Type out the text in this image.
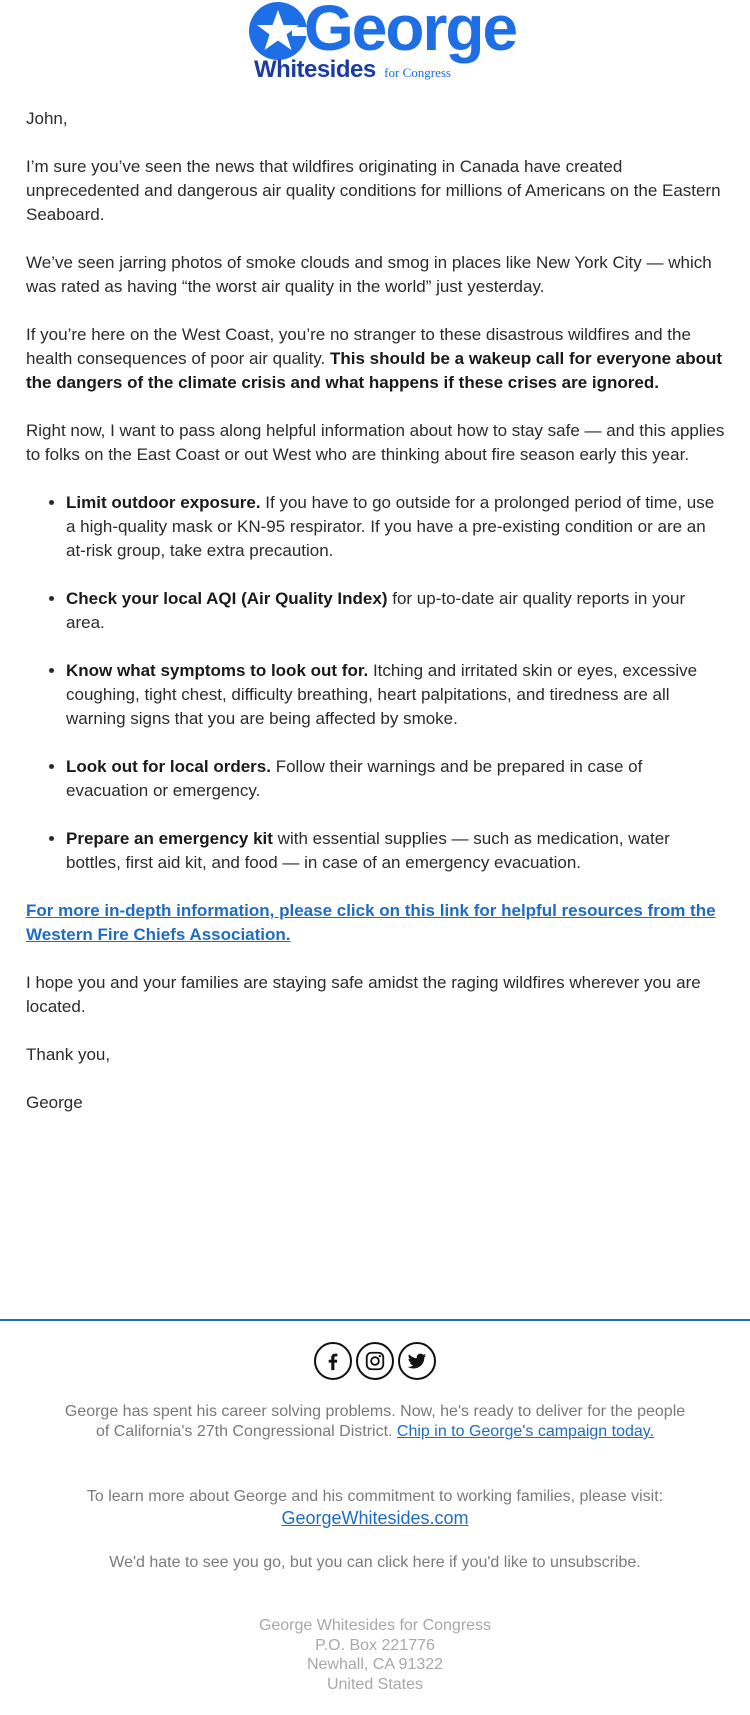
George
Whitesides for Congress

John,

I’m sure you’ve seen the news that wildfires originating in Canada have created unprecedented and dangerous air quality conditions for millions of Americans on the Eastern Seaboard.

We’ve seen jarring photos of smoke clouds and smog in places like New York City — which was rated as having “the worst air quality in the world” just yesterday.

If you’re here on the West Coast, you’re no stranger to these disastrous wildfires and the health consequences of poor air quality. This should be a wakeup call for everyone about the dangers of the climate crisis and what happens if these crises are ignored.

Right now, I want to pass along helpful information about how to stay safe — and this applies to folks on the East Coast or out West who are thinking about fire season early this year.

• Limit outdoor exposure. If you have to go outside for a prolonged period of time, use a high-quality mask or KN-95 respirator. If you have a pre-existing condition or are an at-risk group, take extra precaution.
• Check your local AQI (Air Quality Index) for up-to-date air quality reports in your area.
• Know what symptoms to look out for. Itching and irritated skin or eyes, excessive coughing, tight chest, difficulty breathing, heart palpitations, and tiredness are all warning signs that you are being affected by smoke.
• Look out for local orders. Follow their warnings and be prepared in case of evacuation or emergency.
• Prepare an emergency kit with essential supplies — such as medication, water bottles, first aid kit, and food — in case of an emergency evacuation.

For more in-depth information, please click on this link for helpful resources from the Western Fire Chiefs Association.

I hope you and your families are staying safe amidst the raging wildfires wherever you are located.

Thank you,

George

George has spent his career solving problems. Now, he's ready to deliver for the people of California's 27th Congressional District. Chip in to George's campaign today.
To learn more about George and his commitment to working families, please visit:
GeorgeWhitesides.com
We'd hate to see you go, but you can click here if you'd like to unsubscribe.
George Whitesides for Congress
P.O. Box 221776
Newhall, CA 91322
United States
